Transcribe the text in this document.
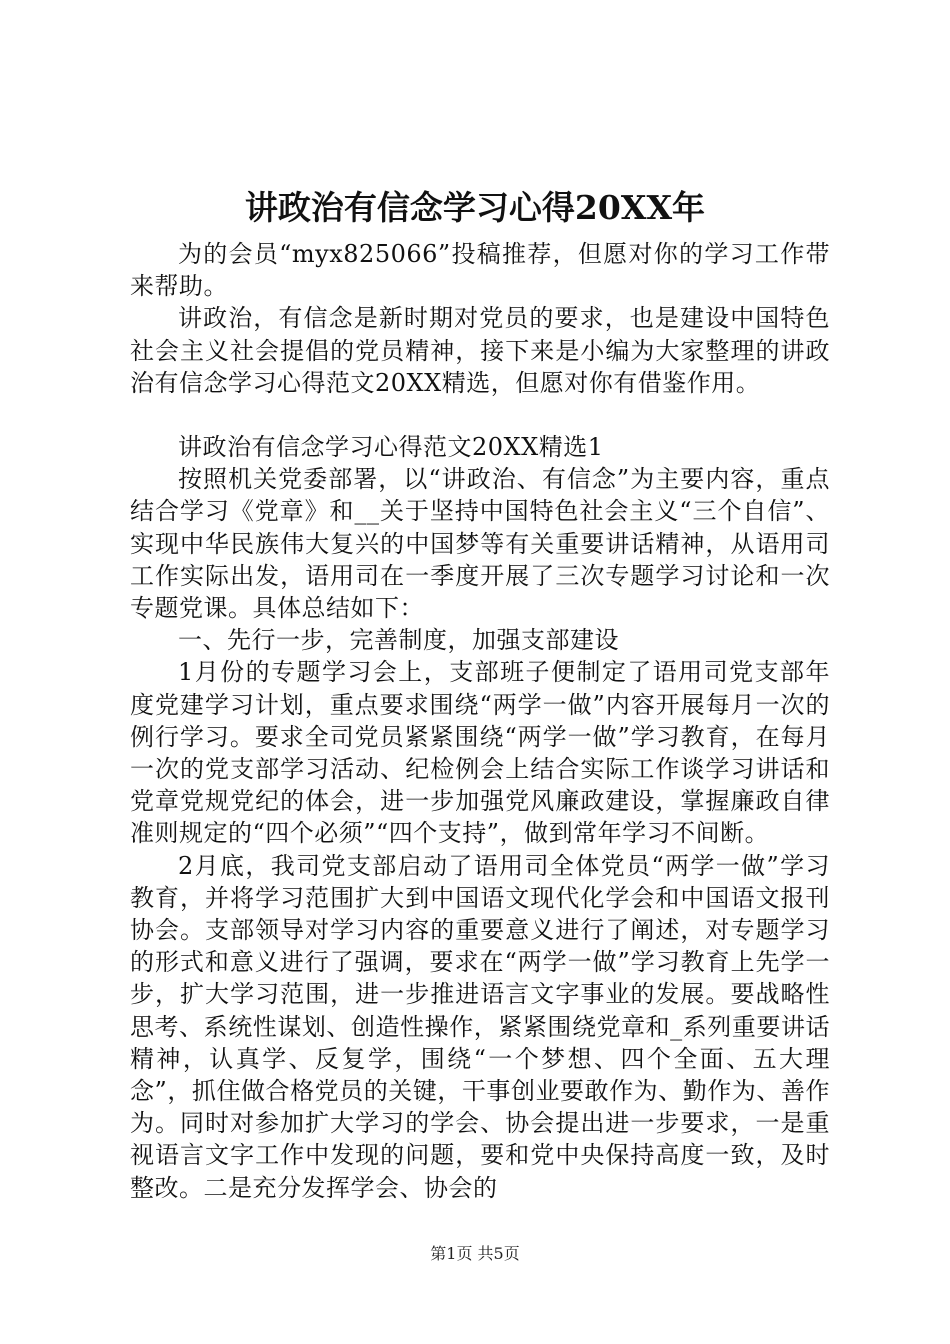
讲政治有信念学习心得20XX年

为的会员“myx825066”投稿推荐，但愿对你的学习工作带来帮助。

讲政治，有信念是新时期对党员的要求，也是建设中国特色社会主义社会提倡的党员精神，接下来是小编为大家整理的讲政治有信念学习心得范文20XX精选，但愿对你有借鉴作用。

讲政治有信念学习心得范文20XX精选1

按照机关党委部署，以“讲政治、有信念”为主要内容，重点结合学习《党章》和__关于坚持中国特色社会主义“三个自信”、实现中华民族伟大复兴的中国梦等有关重要讲话精神，从语用司工作实际出发，语用司在一季度开展了三次专题学习讨论和一次专题党课。具体总结如下：

一、先行一步，完善制度，加强支部建设

1月份的专题学习会上，支部班子便制定了语用司党支部年度党建学习计划，重点要求围绕“两学一做”内容开展每月一次的例行学习。要求全司党员紧紧围绕“两学一做”学习教育，在每月一次的党支部学习活动、纪检例会上结合实际工作谈学习讲话和党章党规党纪的体会，进一步加强党风廉政建设，掌握廉政自律准则规定的“四个必须”“四个支持”，做到常年学习不间断。

2月底，我司党支部启动了语用司全体党员“两学一做”学习教育，并将学习范围扩大到中国语文现代化学会和中国语文报刊协会。支部领导对学习内容的重要意义进行了阐述，对专题学习的形式和意义进行了强调，要求在“两学一做”学习教育上先学一步，扩大学习范围，进一步推进语言文字事业的发展。要战略性思考、系统性谋划、创造性操作，紧紧围绕党章和_系列重要讲话精神，认真学、反复学，围绕“一个梦想、四个全面、五大理念”，抓住做合格党员的关键，干事创业要敢作为、勤作为、善作为。同时对参加扩大学习的学会、协会提出进一步要求，一是重视语言文字工作中发现的问题，要和党中央保持高度一致，及时整改。二是充分发挥学会、协会的

第1页 共5页
